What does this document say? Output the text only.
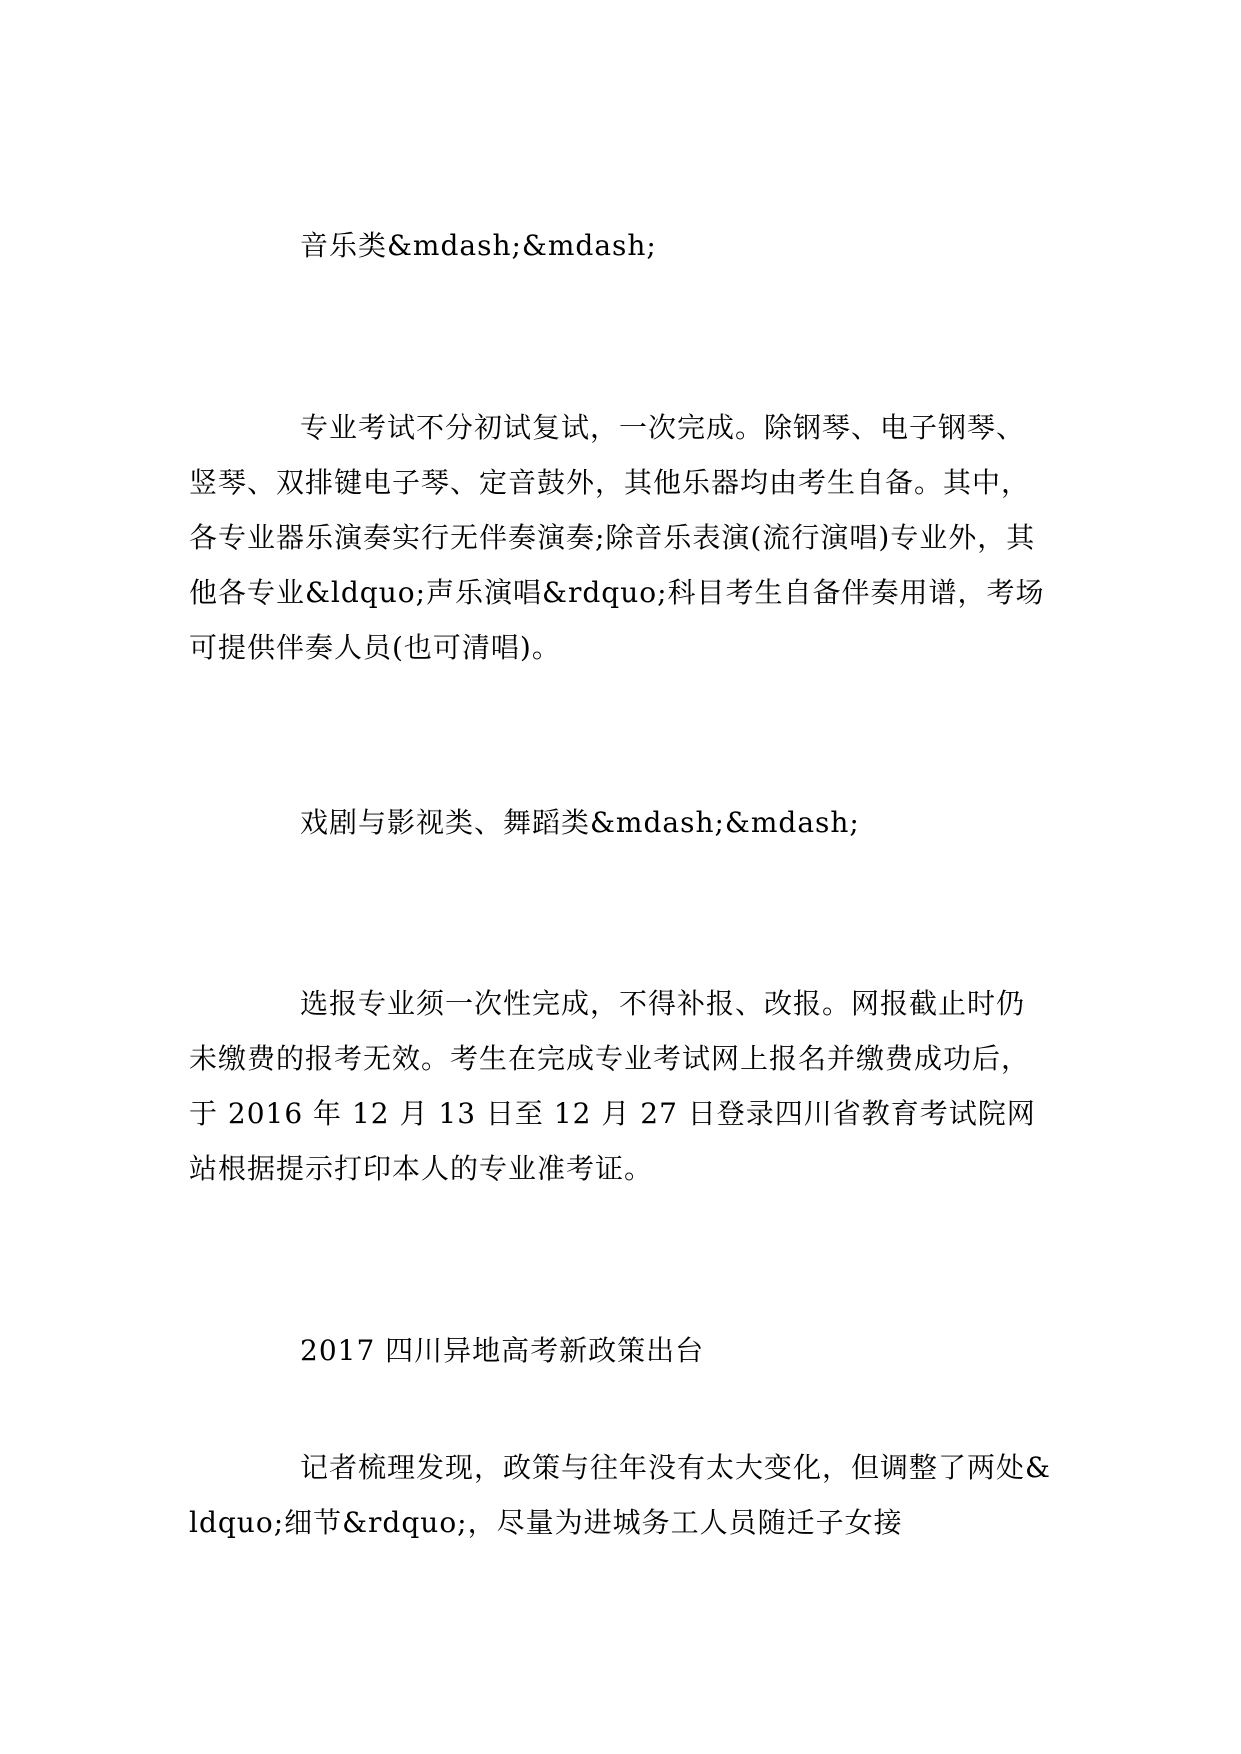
音乐类&mdash;&mdash;
专业考试不分初试复试，一次完成。除钢琴、电子钢琴、竖琴、双排键电子琴、定音鼓外，其他乐器均由考生自备。其中，各专业器乐演奏实行无伴奏演奏;除音乐表演(流行演唱)专业外，其他各专业&ldquo;声乐演唱&rdquo;科目考生自备伴奏用谱，考场可提供伴奏人员(也可清唱)。
戏剧与影视类、舞蹈类&mdash;&mdash;
选报专业须一次性完成，不得补报、改报。网报截止时仍未缴费的报考无效。考生在完成专业考试网上报名并缴费成功后，于 2016 年 12 月 13 日至 12 月 27 日登录四川省教育考试院网站根据提示打印本人的专业准考证。
2017 四川异地高考新政策出台
记者梳理发现，政策与往年没有太大变化，但调整了两处&ldquo;细节&rdquo;，尽量为进城务工人员随迁子女接
